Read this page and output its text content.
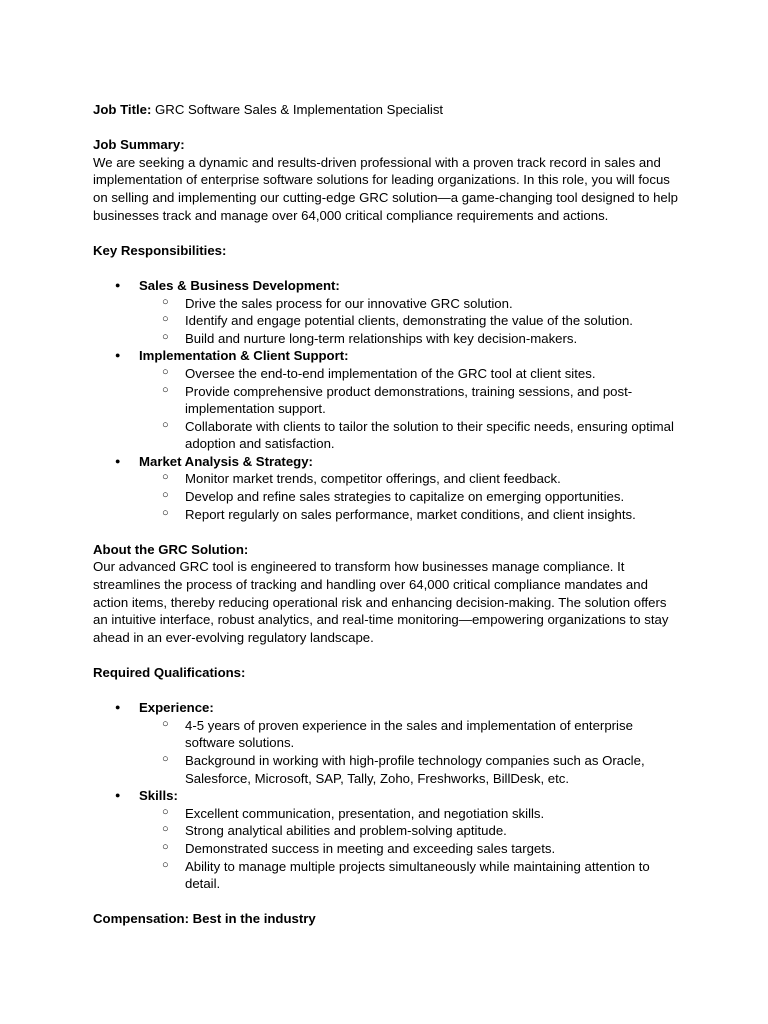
Job Title: GRC Software Sales & Implementation Specialist
Job Summary:
We are seeking a dynamic and results-driven professional with a proven track record in sales and implementation of enterprise software solutions for leading organizations. In this role, you will focus on selling and implementing our cutting-edge GRC solution—a game-changing tool designed to help businesses track and manage over 64,000 critical compliance requirements and actions.
Key Responsibilities:
● Sales & Business Development:
○ Drive the sales process for our innovative GRC solution.
○ Identify and engage potential clients, demonstrating the value of the solution.
○ Build and nurture long-term relationships with key decision-makers.
● Implementation & Client Support:
○ Oversee the end-to-end implementation of the GRC tool at client sites.
○ Provide comprehensive product demonstrations, training sessions, and post-implementation support.
○ Collaborate with clients to tailor the solution to their specific needs, ensuring optimal adoption and satisfaction.
● Market Analysis & Strategy:
○ Monitor market trends, competitor offerings, and client feedback.
○ Develop and refine sales strategies to capitalize on emerging opportunities.
○ Report regularly on sales performance, market conditions, and client insights.
About the GRC Solution:
Our advanced GRC tool is engineered to transform how businesses manage compliance. It streamlines the process of tracking and handling over 64,000 critical compliance mandates and action items, thereby reducing operational risk and enhancing decision-making. The solution offers an intuitive interface, robust analytics, and real-time monitoring—empowering organizations to stay ahead in an ever-evolving regulatory landscape.
Required Qualifications:
● Experience:
○ 4-5 years of proven experience in the sales and implementation of enterprise software solutions.
○ Background in working with high-profile technology companies such as Oracle, Salesforce, Microsoft, SAP, Tally, Zoho, Freshworks, BillDesk, etc.
● Skills:
○ Excellent communication, presentation, and negotiation skills.
○ Strong analytical abilities and problem-solving aptitude.
○ Demonstrated success in meeting and exceeding sales targets.
○ Ability to manage multiple projects simultaneously while maintaining attention to detail.
Compensation: Best in the industry
